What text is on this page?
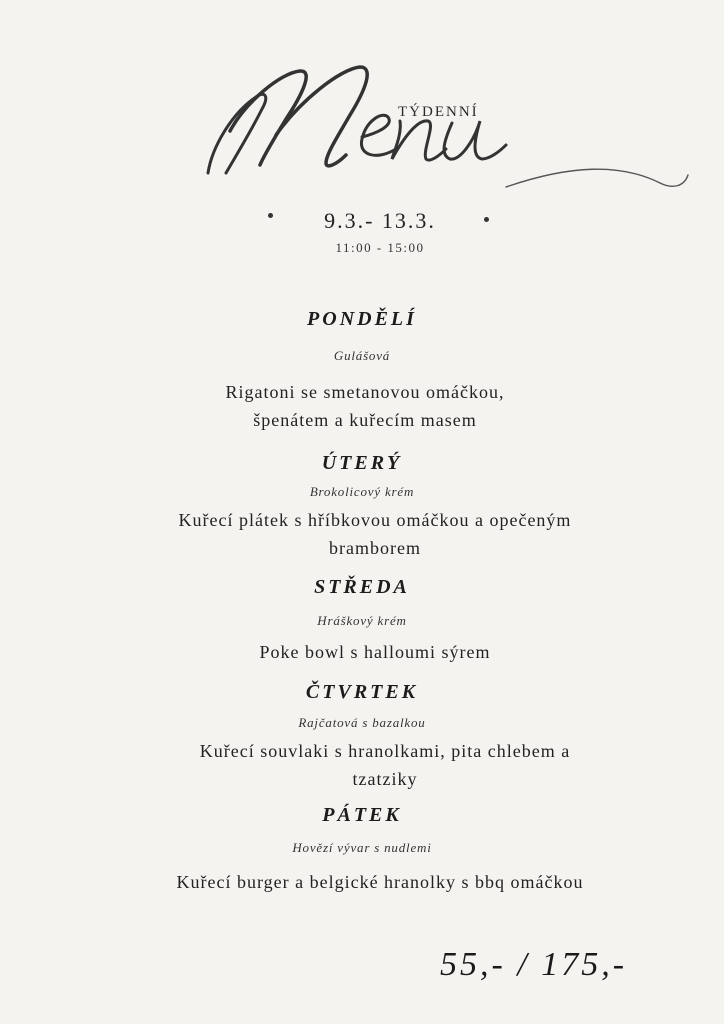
TÝDENNÍ
9.3.- 13.3.
11:00 - 15:00
PONDĚLÍ
Gulášová
Rigatoni se smetanovou omáčkou, špenátem a kuřecím masem
ÚTERÝ
Brokolicový krém
Kuřecí plátek s hříbkovou omáčkou a opečeným bramborem
STŘEDA
Hráškový krém
Poke bowl s halloumi sýrem
ČTVRTEK
Rajčatová s bazalkou
Kuřecí souvlaki s hranolkami, pita chlebem a tzatziky
PÁTEK
Hovězí vývar s nudlemi
Kuřecí burger a belgické hranolky s bbq omáčkou
55,- / 175,-
